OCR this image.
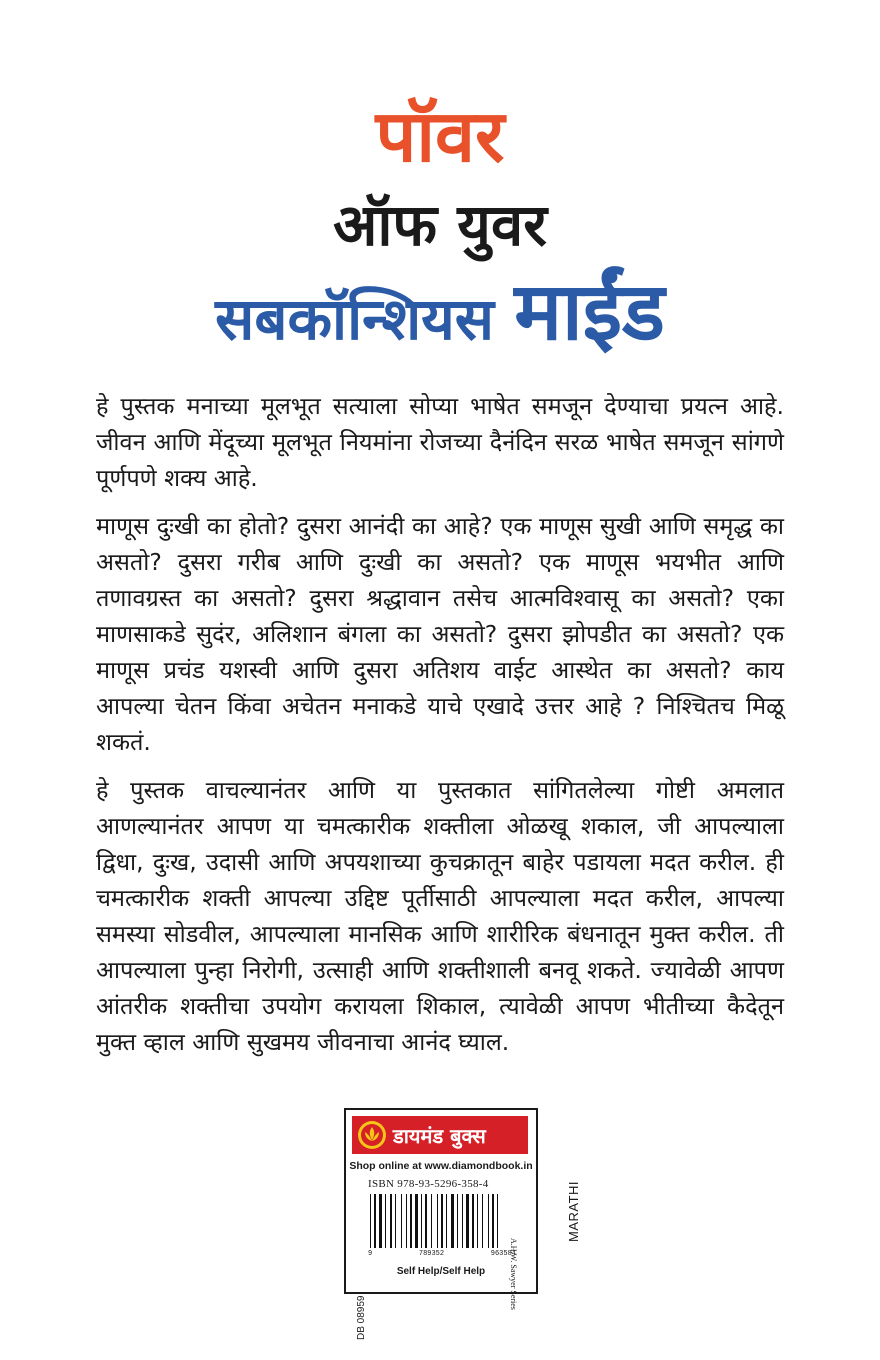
पॉवर
ऑफ युवर
सबकॉन्शियस माईंड

हे पुस्तक मनाच्या मूलभूत सत्याला सोप्या भाषेत समजून देण्याचा प्रयत्न आहे. जीवन आणि मेंदूच्या मूलभूत नियमांना रोजच्या दैनंदिन सरळ भाषेत समजून सांगणे पूर्णपणे शक्य आहे.

माणूस दुःखी का होतो? दुसरा आनंदी का आहे? एक माणूस सुखी आणि समृद्ध का असतो? दुसरा गरीब आणि दुःखी का असतो? एक माणूस भयभीत आणि तणावग्रस्त का असतो? दुसरा श्रद्धावान तसेच आत्मविश्वासू का असतो? एका माणसाकडे सुदंर, अलिशान बंगला का असतो? दुसरा झोपडीत का असतो? एक माणूस प्रचंड यशस्वी आणि दुसरा अतिशय वाईट आस्थेत का असतो? काय आपल्या चेतन किंवा अचेतन मनाकडे याचे एखादे उत्तर आहे ? निश्चितच मिळू शकतं.

हे पुस्तक वाचल्यानंतर आणि या पुस्तकात सांगितलेल्या गोष्टी अमलात आणल्यानंतर आपण या चमत्कारीक शक्तीला ओळखू शकाल, जी आपल्याला द्विधा, दुःख, उदासी आणि अपयशाच्या कुचक्रातून बाहेर पडायला मदत करील. ही चमत्कारीक शक्ती आपल्या उद्दिष्ट पूर्तीसाठी आपल्याला मदत करील, आपल्या समस्या सोडवील, आपल्याला मानसिक आणि शारीरिक बंधनातून मुक्त करील. ती आपल्याला पुन्हा निरोगी, उत्साही आणि शक्तीशाली बनवू शकते. ज्यावेळी आपण आंतरीक शक्तीचा उपयोग करायला शिकाल, त्यावेळी आपण भीतीच्या कैदेतून मुक्त व्हाल आणि सुखमय जीवनाचा आनंद घ्याल.

डायमंड बुक्स
Shop online at www.diamondbook.in
ISBN 978-93-5296-358-4
9	789352	963584
Self Help/Self Help
DB 08959
A.H.W. Sawyer Series
MARATHI
